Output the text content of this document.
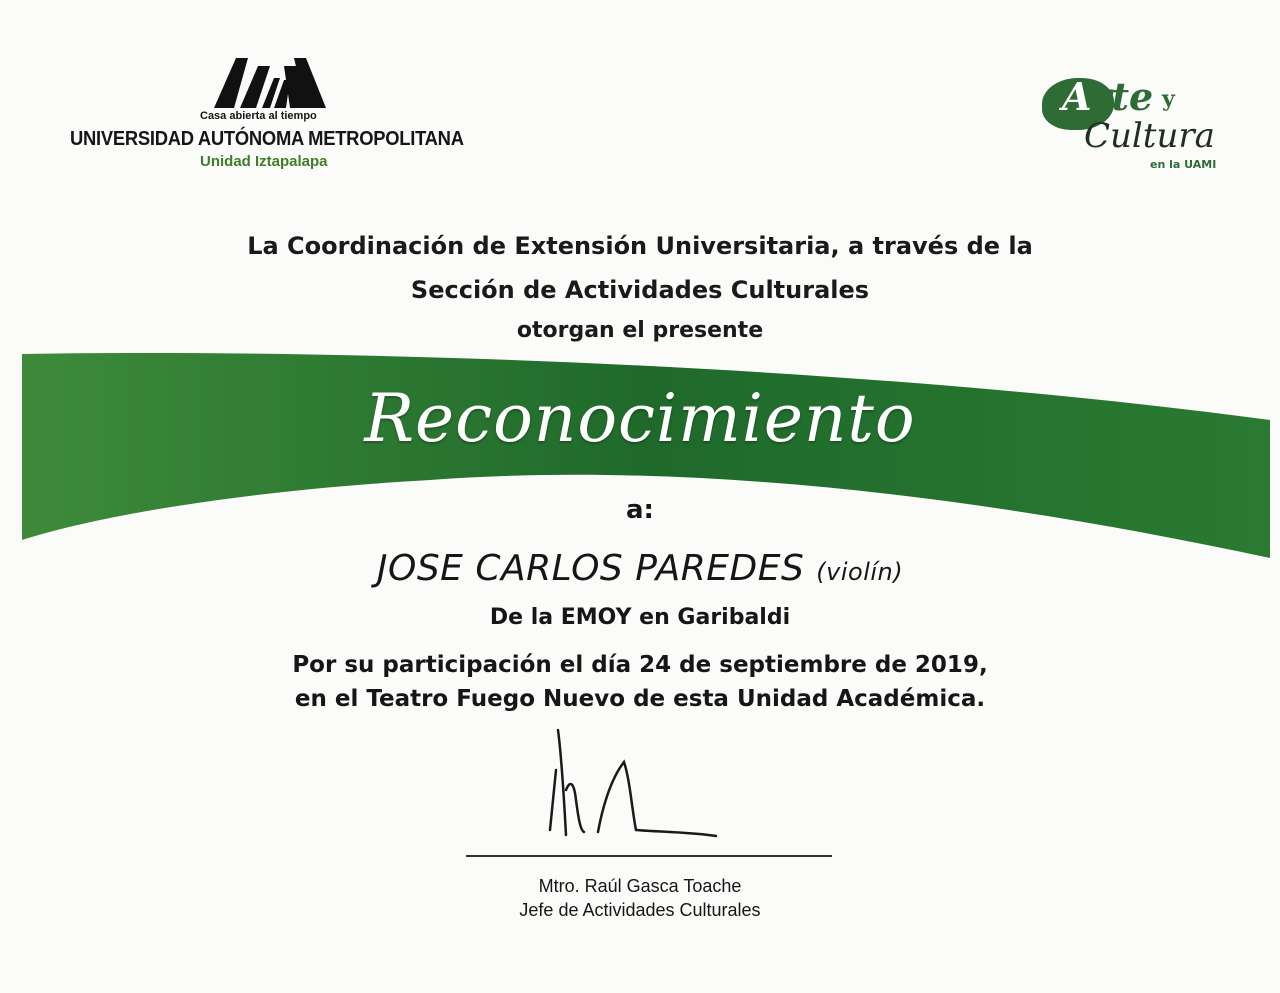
Casa abierta al tiempo
UNIVERSIDAD AUTÓNOMA METROPOLITANA
Unidad Iztapalapa
Arte y
Cultura
en la UAMI
La Coordinación de Extensión Universitaria, a través de la
Sección de Actividades Culturales
otorgan el presente
Reconocimiento
a:
JOSE CARLOS PAREDES (violín)
De la EMOY en Garibaldi
Por su participación el día 24 de septiembre de 2019,
en el Teatro Fuego Nuevo de esta Unidad Académica.
Mtro. Raúl Gasca Toache
Jefe de Actividades Culturales
